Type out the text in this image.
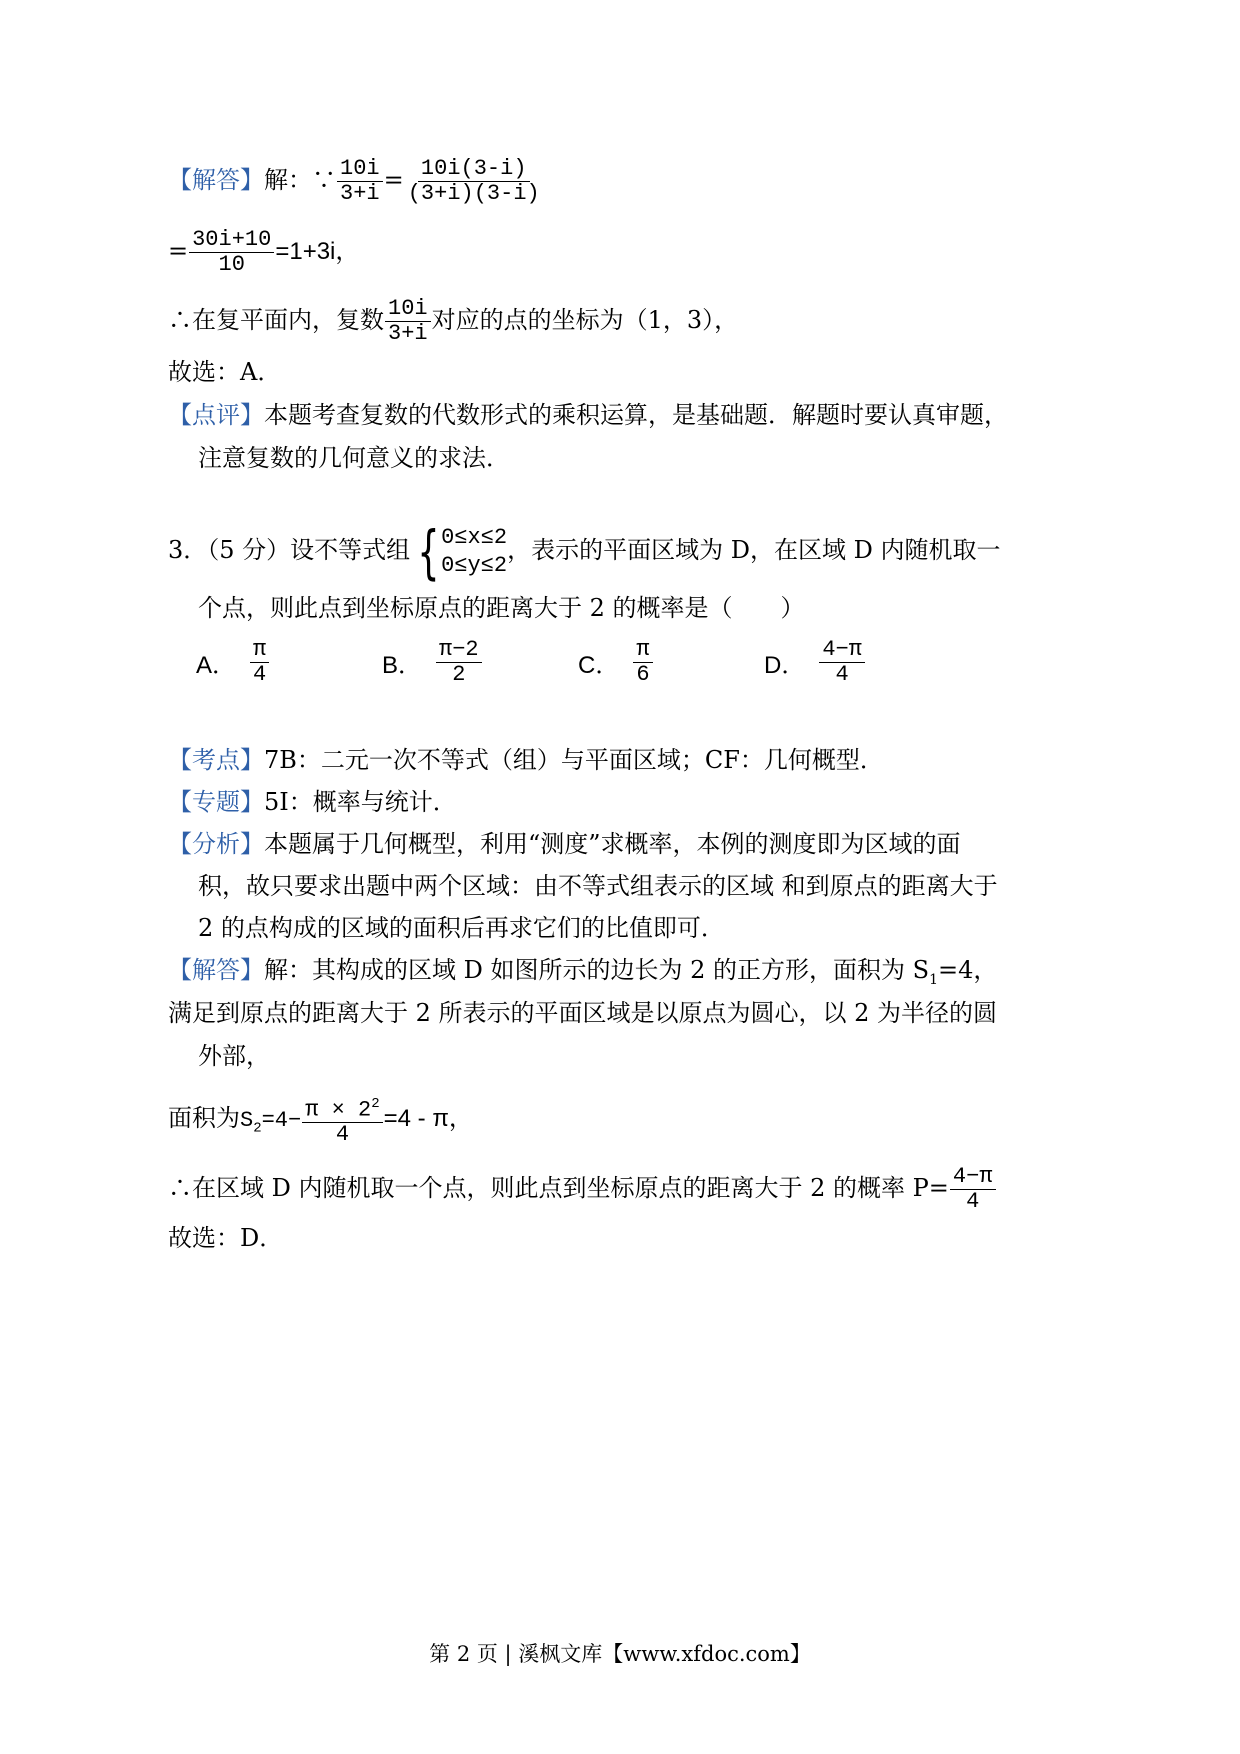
【解答】解：∵ $\frac{10i}{3+i} = \frac{10i(3-i)}{(3+i)(3-i)}$
= $\frac{30i+10}{10} =1+3i$，
∴在复平面内，复数 $\frac{10i}{3+i}$ 对应的点的坐标为（1，3），
故选：A．
【点评】本题考查复数的代数形式的乘积运算，是基础题．解题时要认真审题，
注意复数的几何意义的求法．
3．（5 分）设不等式组 { 0≤x≤2
0≤y≤2
，表示的平面区域为 D，在区域 D 内随机取一
个点，则此点到坐标原点的距离大于 2 的概率是（　　）
A． $\frac{\pi}{4}$	B． $\frac{\pi-2}{2}$	C． $\frac{\pi}{6}$	D． $\frac{4-\pi}{4}$
【考点】7B：二元一次不等式（组）与平面区域；CF：几何概型．
【专题】5I：概率与统计．
【分析】本题属于几何概型，利用“测度”求概率，本例的测度即为区域的面
积，故只要求出题中两个区域：由不等式组表示的区域 和到原点的距离大于
2 的点构成的区域的面积后再求它们的比值即可．
【解答】解：其构成的区域 D 如图所示的边长为 2 的正方形，面积为 $S_1=4$，
满足到原点的距离大于 2 所表示的平面区域是以原点为圆心，以 2 为半径的圆
外部，
面积为$S_2=4- \frac{\pi \times 2^2}{4} =4 - \pi$，
∴在区域 D 内随机取一个点，则此点到坐标原点的距离大于 2 的概率 $P= \frac{4-\pi}{4}$
故选：D．
第 2 页 | 溪枫文库【www.xfdoc.com】
